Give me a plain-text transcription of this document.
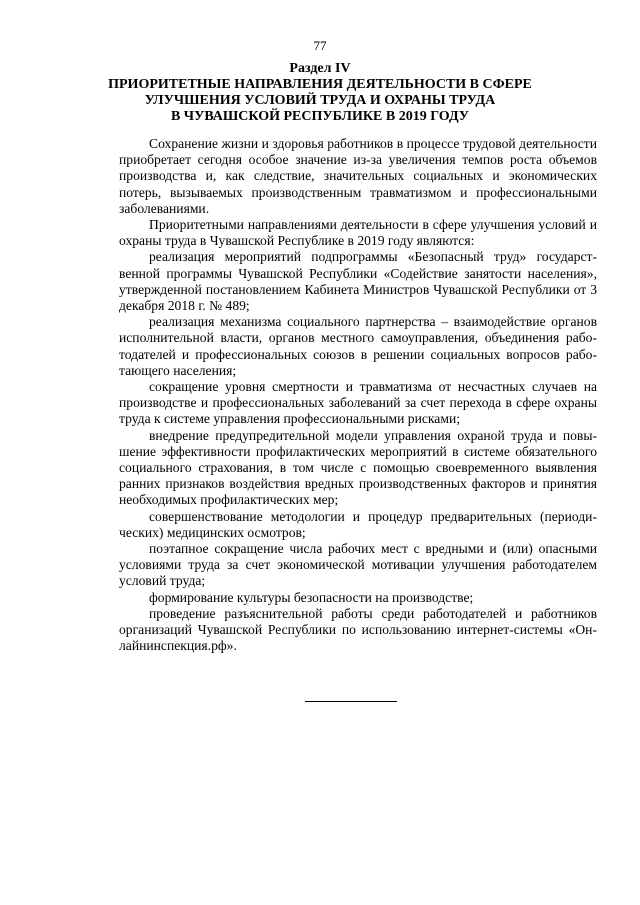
77
Раздел IV
ПРИОРИТЕТНЫЕ НАПРАВЛЕНИЯ ДЕЯТЕЛЬНОСТИ В СФЕРЕ
УЛУЧШЕНИЯ УСЛОВИЙ ТРУДА И ОХРАНЫ ТРУДА
В ЧУВАШСКОЙ РЕСПУБЛИКЕ В 2019 ГОДУ

Сохранение жизни и здоровья работников в процессе трудовой деятельности приобретает сегодня особое значение из-за увеличения темпов роста объемов производства и, как следствие, значительных социальных и экономических потерь, вызываемых производственным травматизмом и профессиональными заболеваниями.

Приоритетными направлениями деятельности в сфере улучшения условий и охраны труда в Чувашской Республике в 2019 году являются:

реализация мероприятий подпрограммы «Безопасный труд» государственной программы Чувашской Республики «Содействие занятости населения», утвержденной постановлением Кабинета Министров Чувашской Республики от 3 декабря 2018 г. № 489;

реализация механизма социального партнерства – взаимодействие органов исполнительной власти, органов местного самоуправления, объединения работодателей и профессиональных союзов в решении социальных вопросов работающего населения;

сокращение уровня смертности и травматизма от несчастных случаев на производстве и профессиональных заболеваний за счет перехода в сфере охраны труда к системе управления профессиональными рисками;

внедрение предупредительной модели управления охраной труда и повышение эффективности профилактических мероприятий в системе обязательного социального страхования, в том числе с помощью своевременного выявления ранних признаков воздействия вредных производственных факторов и принятия необходимых профилактических мер;

совершенствование методологии и процедур предварительных (периодических) медицинских осмотров;

поэтапное сокращение числа рабочих мест с вредными и (или) опасными условиями труда за счет экономической мотивации улучшения работодателем условий труда;

формирование культуры безопасности на производстве;

проведение разъяснительной работы среди работодателей и работников организаций Чувашской Республики по использованию интернет-системы «Онлайнинспекция.рф».
